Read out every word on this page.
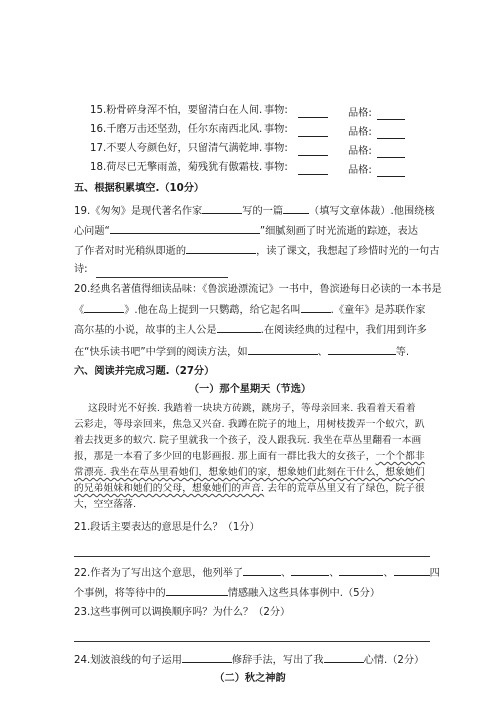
15.粉骨碎身浑不怕，要留清白在人间. 事物:	品格:
16.千磨万击还坚劲，任尔东南西北风. 事物:	品格:
17.不要人夸颜色好，只留清气满乾坤. 事物:	品格:
18.荷尽已无擎雨盖，菊残犹有傲霜枝. 事物:	品格:
五、根据积累填空.（10分）
19.《匆匆》是现代著名作家	写的一篇	（填写文章体裁）.他围绕核
心问题“	”细腻刻画了时光流逝的踪迹，表达
了作者对时光稍纵即逝的	，读了课文，我想起了珍惜时光的一句古
诗:
20.经典名著值得细读品味：《鲁滨逊漂流记》一书中，鲁滨逊每日必读的一本书是
《	》.他在岛上捉到一只鹦鹉，给它起名叫	.《童年》是苏联作家
高尔基的小说，故事的主人公是	.在阅读经典的过程中，我们用到许多
在“快乐读书吧”中学到的阅读方法，如	、	等.
六、阅读并完成习题.（27分）
（一）那个星期天（节选）
这段时光不好挨. 我踏着一块块方砖跳，跳房子，等母亲回来. 我看着天看着
云彩走，等母亲回来，焦急又兴奋. 我蹲在院子的地上，用树枝拨弄一个蚁穴，趴
着去找更多的蚁穴. 院子里就我一个孩子，没人跟我玩. 我坐在草丛里翻看一本画
报，那是一本看了多少回的电影画报. 那上面有一群比我大的女孩子，一个个都非
常漂亮. 我坐在草丛里看她们，想象她们的家，想象她们此刻在干什么，想象她们
的兄弟姐妹和她们的父母，想象她们的声音. 去年的荒草丛里又有了绿色，院子很
大，空空落落.
21.段话主要表达的意思是什么？（1分）
22.作者为了写出这个意思，他列举了	、	、	、	四
个事例，将等待中的	情感融入这些具体事例中.（5分）
23.这些事例可以调换顺序吗？为什么？（2分）
24.划波浪线的句子运用	修辞手法，写出了我	心情.（2分）
（二）秋之神韵
